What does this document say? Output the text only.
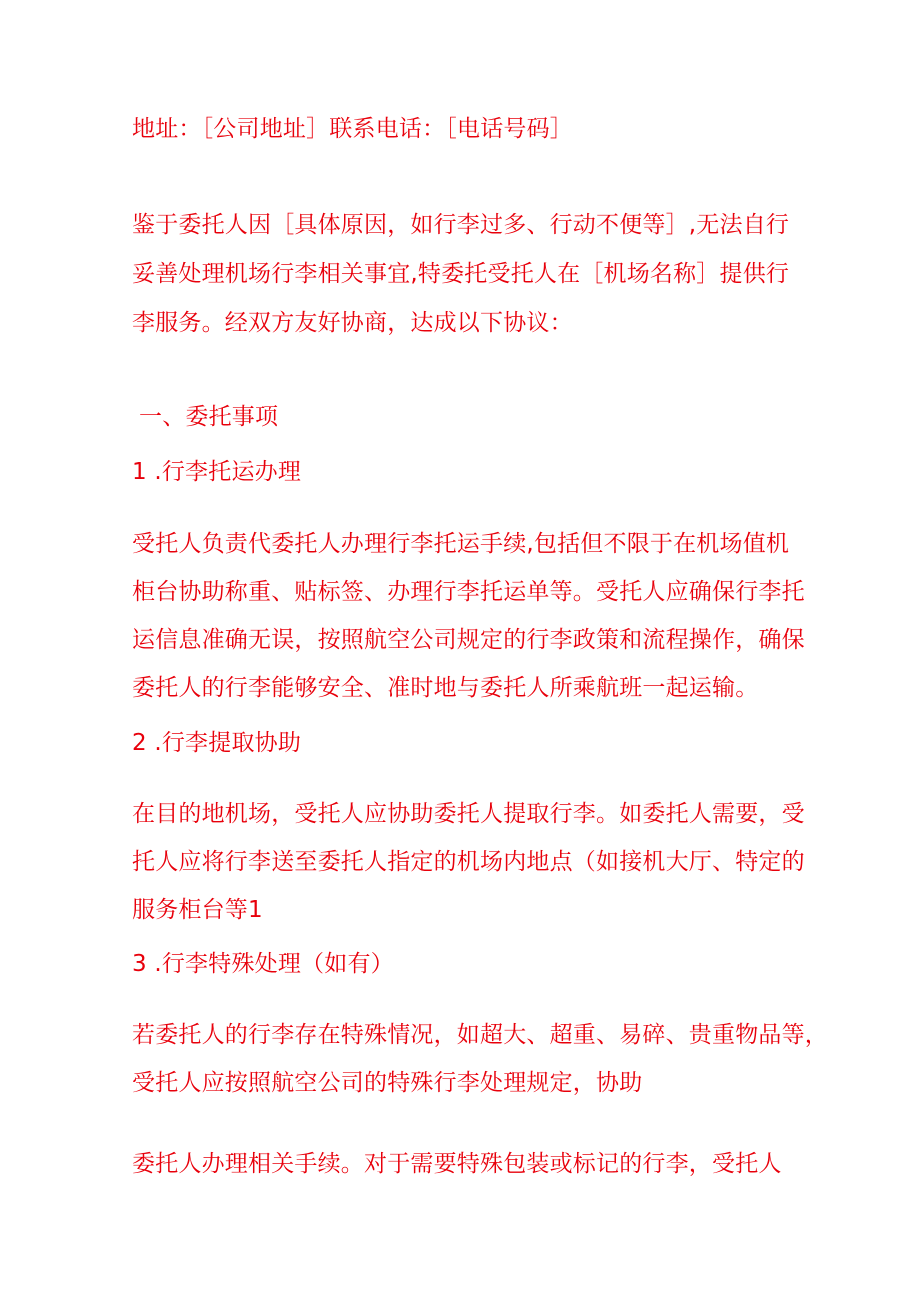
地址：［公司地址］联系电话：［电话号码］
鉴于委托人因［具体原因，如行李过多、行动不便等］,无法自行
妥善处理机场行李相关事宜,特委托受托人在［机场名称］提供行
李服务。经双方友好协商，达成以下协议：
一、委托事项
1 .行李托运办理
受托人负责代委托人办理行李托运手续,包括但不限于在机场值机
柜台协助称重、贴标签、办理行李托运单等。受托人应确保行李托
运信息准确无误，按照航空公司规定的行李政策和流程操作，确保
委托人的行李能够安全、准时地与委托人所乘航班一起运输。
2 .行李提取协助
在目的地机场，受托人应协助委托人提取行李。如委托人需要，受
托人应将行李送至委托人指定的机场内地点（如接机大厅、特定的
服务柜台等1
3 .行李特殊处理（如有）
若委托人的行李存在特殊情况，如超大、超重、易碎、贵重物品等，
受托人应按照航空公司的特殊行李处理规定，协助
委托人办理相关手续。对于需要特殊包装或标记的行李，受托人
